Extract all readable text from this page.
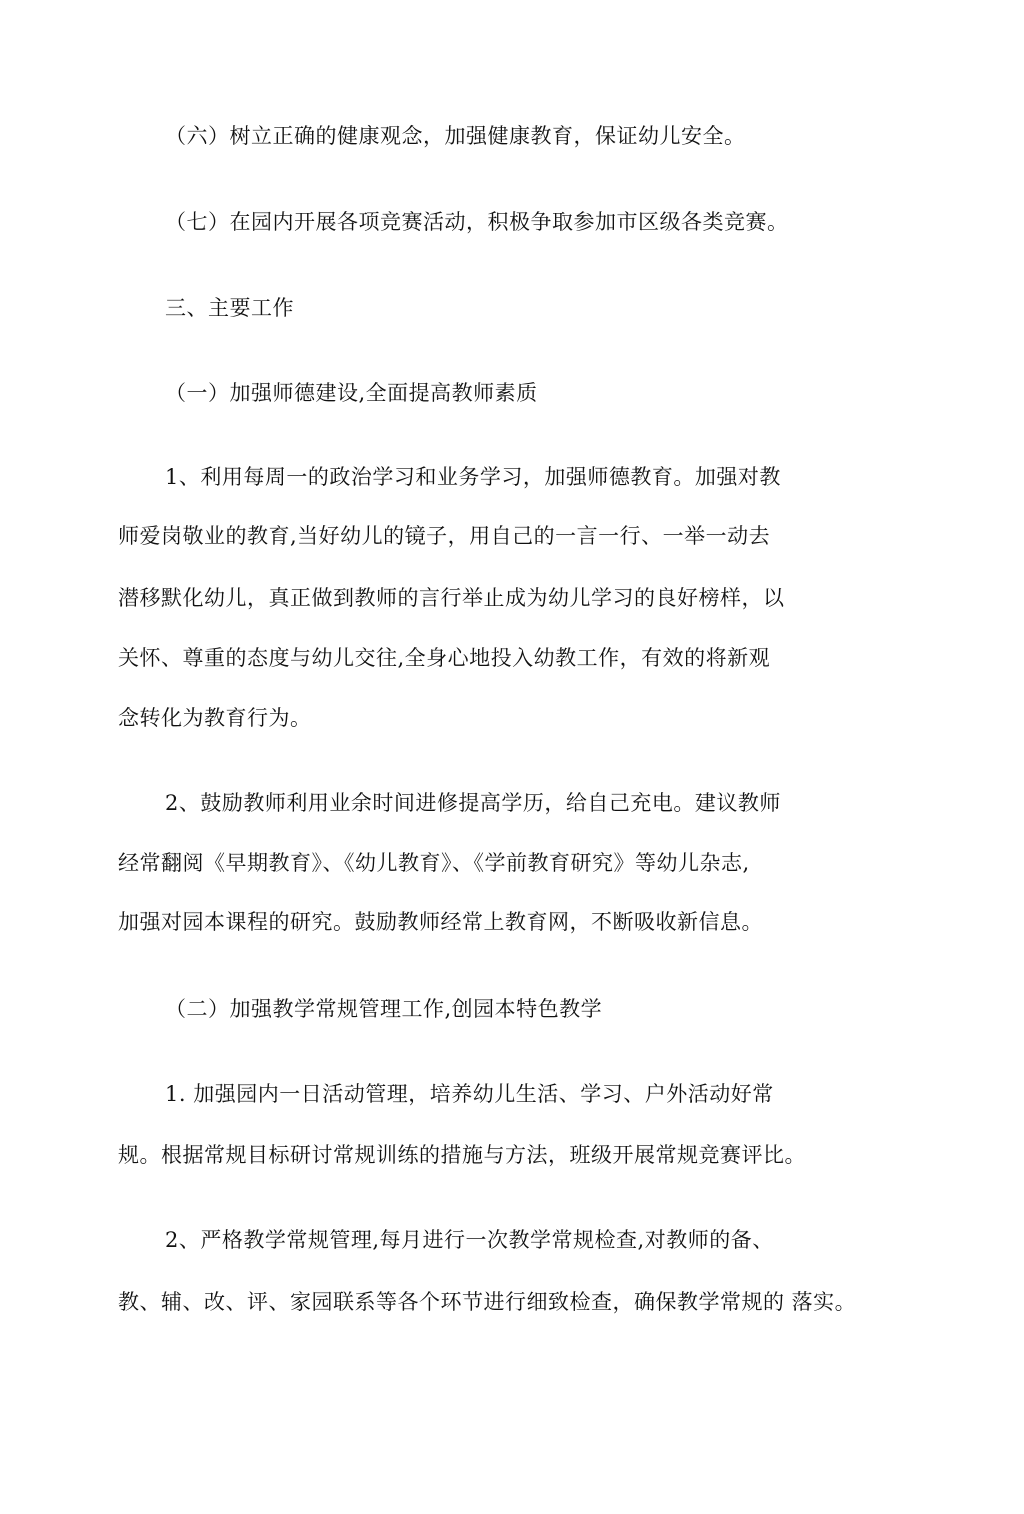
（六）树立正确的健康观念，加强健康教育，保证幼儿安全。
（七）在园内开展各项竞赛活动，积极争取参加市区级各类竞赛。
三、主要工作
（一）加强师德建设,全面提高教师素质
1、利用每周一的政治学习和业务学习，加强师德教育。加强对教
师爱岗敬业的教育,当好幼儿的镜子，用自己的一言一行、一举一动去
潜移默化幼儿，真正做到教师的言行举止成为幼儿学习的良好榜样，以
关怀、尊重的态度与幼儿交往,全身心地投入幼教工作，有效的将新观
念转化为教育行为。
2、鼓励教师利用业余时间进修提高学历，给自己充电。建议教师
经常翻阅《早期教育》、《幼儿教育》、《学前教育研究》等幼儿杂志,
加强对园本课程的研究。鼓励教师经常上教育网，不断吸收新信息。
（二）加强教学常规管理工作,创园本特色教学
1. 加强园内一日活动管理，培养幼儿生活、学习、户外活动好常
规。根据常规目标研讨常规训练的措施与方法，班级开展常规竞赛评比。
2、严格教学常规管理,每月进行一次教学常规检查,对教师的备、
教、辅、改、评、家园联系等各个环节进行细致检查，确保教学常规的 落实。
